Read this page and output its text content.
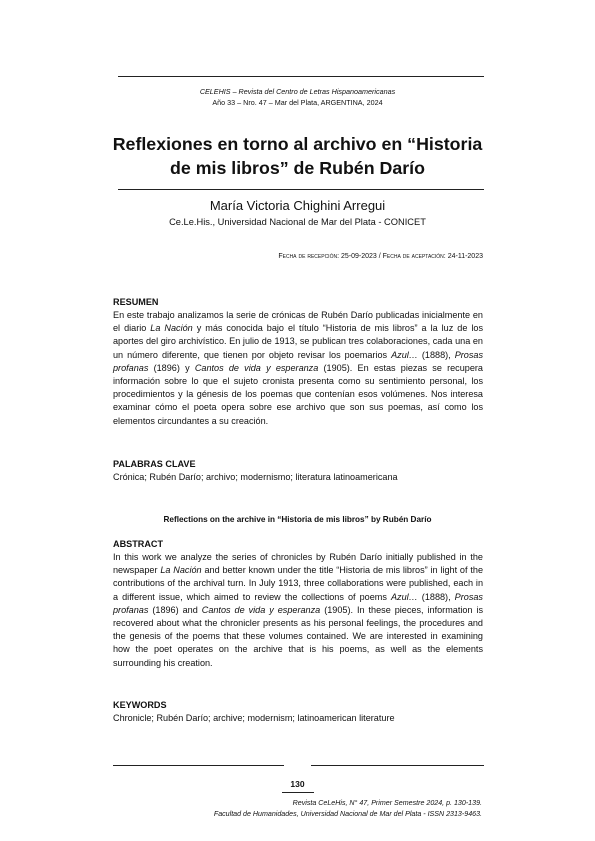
CELEHIS – Revista del Centro de Letras Hispanoamericanas
Año 33 – Nro. 47 – Mar del Plata, ARGENTINA, 2024
Reflexiones en torno al archivo en “Historia
de mis libros” de Rubén Darío
María Victoria Chighini Arregui
Ce.Le.His., Universidad Nacional de Mar del Plata - CONICET
Fecha de recepción: 25-09-2023 / Fecha de aceptación: 24-11-2023
RESUMEN
En este trabajo analizamos la serie de crónicas de Rubén Darío publicadas inicialmente en el diario La Nación y más conocida bajo el título “Historia de mis libros” a la luz de los aportes del giro archivístico. En julio de 1913, se publican tres colaboraciones, cada una en un número diferente, que tienen por objeto revisar los poemarios Azul… (1888), Prosas profanas (1896) y Cantos de vida y esperanza (1905). En estas piezas se recupera información sobre lo que el sujeto cronista presenta como su sentimiento personal, los procedimientos y la génesis de los poemas que contenían esos volúmenes. Nos interesa examinar cómo el poeta opera sobre ese archivo que son sus poemas, así como los elementos circundantes a su creación.
PALABRAS CLAVE
Crónica; Rubén Darío; archivo; modernismo; literatura latinoamericana
Reflections on the archive in “Historia de mis libros” by Rubén Darío
ABSTRACT
In this work we analyze the series of chronicles by Rubén Darío initially published in the newspaper La Nación and better known under the title “Historia de mis libros” in light of the contributions of the archival turn. In July 1913, three collaborations were published, each in a different issue, which aimed to review the collections of poems Azul… (1888), Prosas profanas (1896) and Cantos de vida y esperanza (1905). In these pieces, information is recovered about what the chronicler presents as his personal feelings, the procedures and the genesis of the poems that these volumes contained. We are interested in examining how the poet operates on the archive that is his poems, as well as the elements surrounding his creation.
KEYWORDS
Chronicle; Rubén Darío; archive; modernism; latinoamerican literature
130
Revista CeLeHis, N° 47, Primer Semestre 2024, p. 130-139.
Facultad de Humanidades, Universidad Nacional de Mar del Plata - ISSN 2313-9463.
